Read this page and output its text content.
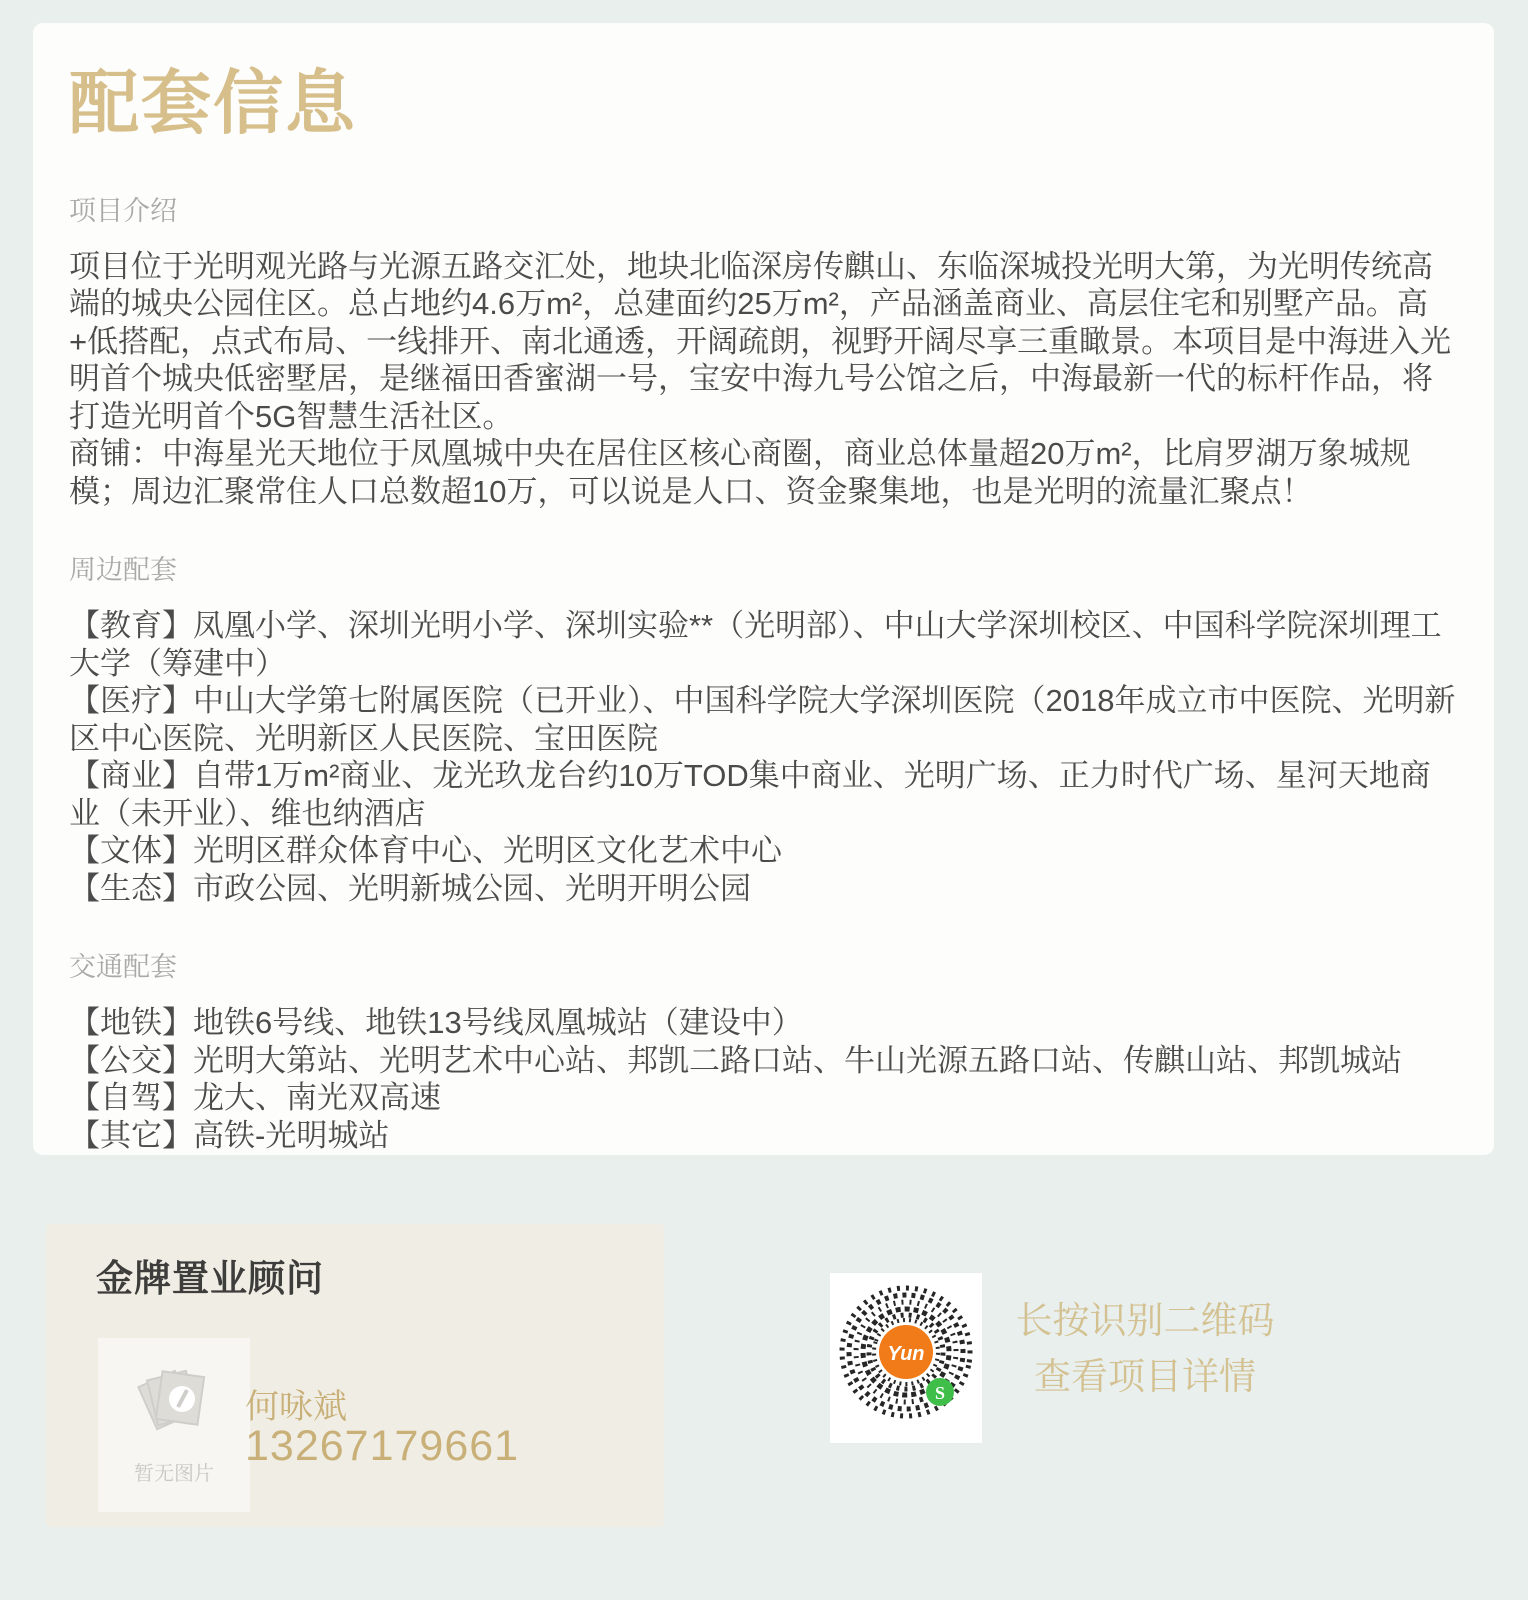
配套信息
项目介绍

项目位于光明观光路与光源五路交汇处，地块北临深房传麒山、东临深城投光明大第，为光明传统高端的城央公园住区。总占地约4.6万m²，总建面约25万m²，产品涵盖商业、高层住宅和别墅产品。高+低搭配，点式布局、一线排开、南北通透，开阔疏朗，视野开阔尽享三重瞰景。本项目是中海进入光明首个城央低密墅居，是继福田香蜜湖一号，宝安中海九号公馆之后，中海最新一代的标杆作品，将打造光明首个5G智慧生活社区。

商铺：中海星光天地位于凤凰城中央在居住区核心商圈，商业总体量超20万m²，比肩罗湖万象城规模；周边汇聚常住人口总数超10万，可以说是人口、资金聚集地，也是光明的流量汇聚点！

周边配套

【教育】凤凰小学、深圳光明小学、深圳实验**（光明部）、中山大学深圳校区、中国科学院深圳理工大学（筹建中）

【医疗】中山大学第七附属医院（已开业）、中国科学院大学深圳医院（2018年成立市中医院、光明新区中心医院、光明新区人民医院、宝田医院

【商业】自带1万m²商业、龙光玖龙台约10万TOD集中商业、光明广场、正力时代广场、星河天地商业（未开业）、维也纳酒店

【文体】光明区群众体育中心、光明区文化艺术中心

【生态】市政公园、光明新城公园、光明开明公园

交通配套

【地铁】地铁6号线、地铁13号线凤凰城站（建设中）

【公交】光明大第站、光明艺术中心站、邦凯二路口站、牛山光源五路口站、传麒山站、邦凯城站

【自驾】龙大、南光双高速

【其它】高铁-光明城站

金牌置业顾问
暂无图片
何咏斌
13267179661
Yun
S
长按识别二维码
查看项目详情
